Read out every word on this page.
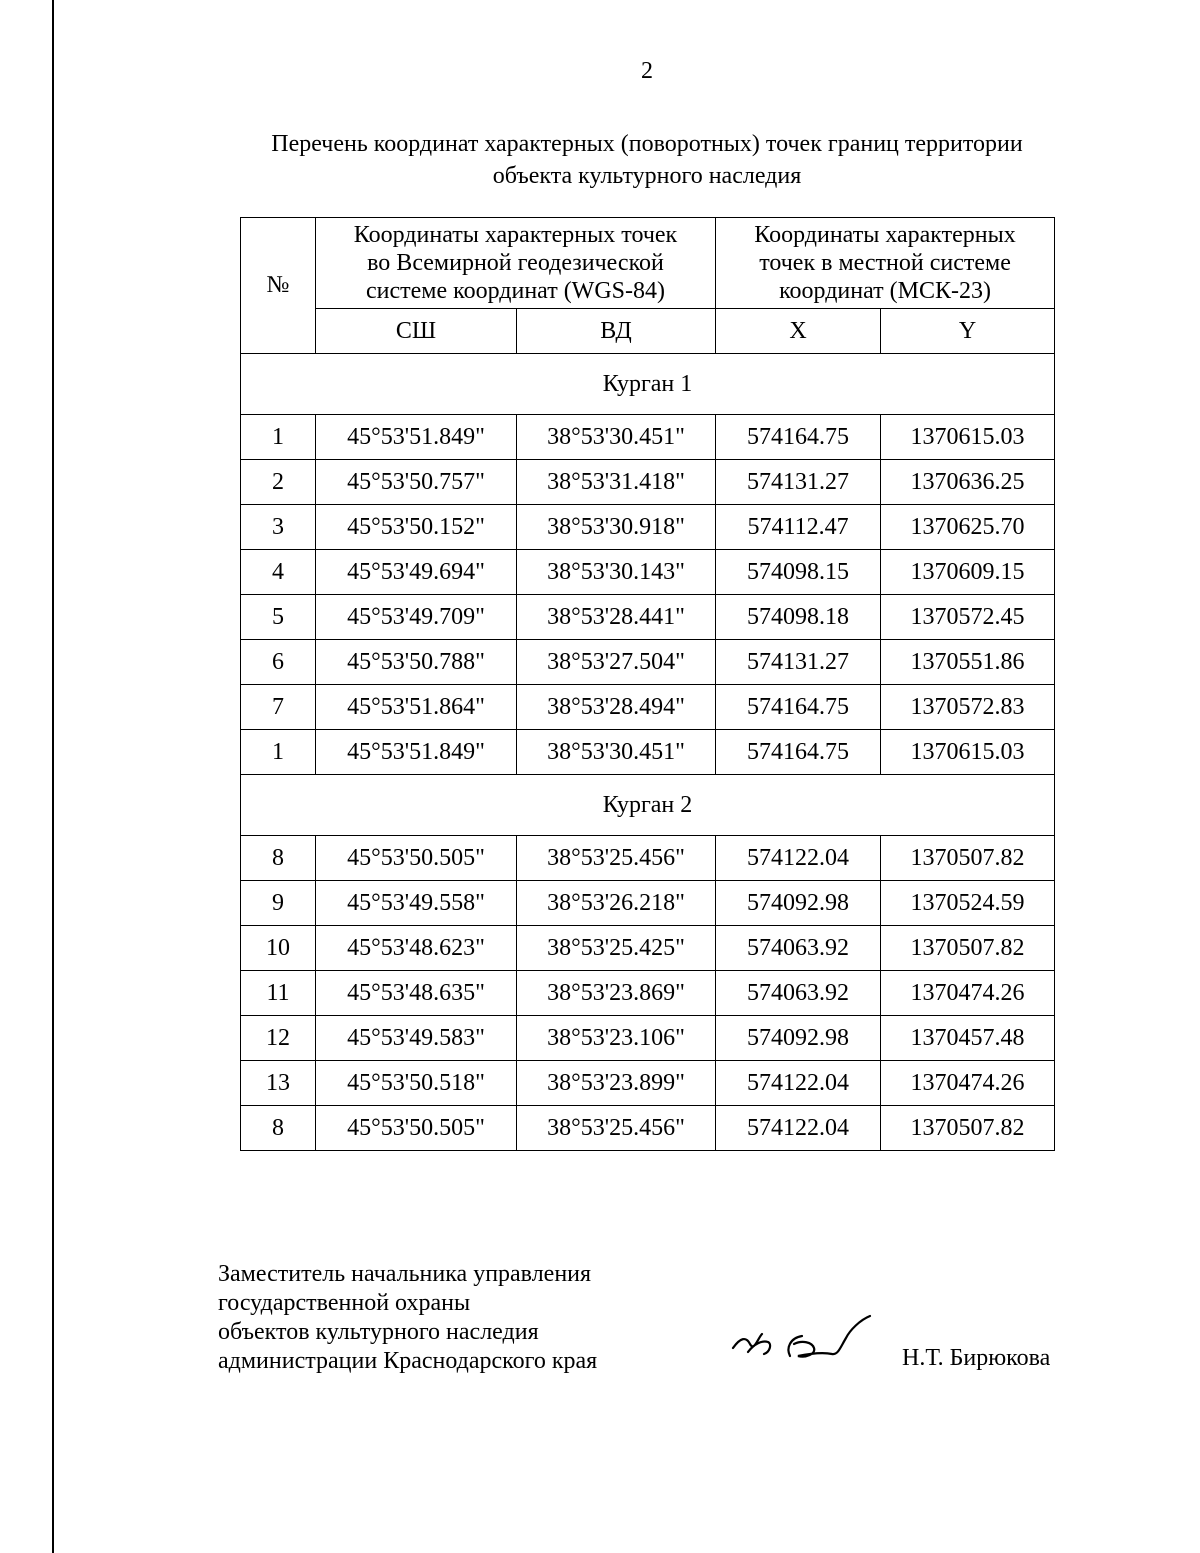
2
Перечень координат характерных (поворотных) точек границ территории
объекта культурного наследия
№	Координаты характерных точек
во Всемирной геодезической
системе координат (WGS-84)		Координаты характерных
точек в местной системе
координат (МСК-23)	

	СШ	ВД	X	Y
Курган 1				
1	45°53'51.849"	38°53'30.451"	574164.75	1370615.03
2	45°53'50.757"	38°53'31.418"	574131.27	1370636.25
3	45°53'50.152"	38°53'30.918"	574112.47	1370625.70
4	45°53'49.694"	38°53'30.143"	574098.15	1370609.15
5	45°53'49.709"	38°53'28.441"	574098.18	1370572.45
6	45°53'50.788"	38°53'27.504"	574131.27	1370551.86
7	45°53'51.864"	38°53'28.494"	574164.75	1370572.83
1	45°53'51.849"	38°53'30.451"	574164.75	1370615.03
Курган 2				
8	45°53'50.505"	38°53'25.456"	574122.04	1370507.82
9	45°53'49.558"	38°53'26.218"	574092.98	1370524.59
10	45°53'48.623"	38°53'25.425"	574063.92	1370507.82
11	45°53'48.635"	38°53'23.869"	574063.92	1370474.26
12	45°53'49.583"	38°53'23.106"	574092.98	1370457.48
13	45°53'50.518"	38°53'23.899"	574122.04	1370474.26
8	45°53'50.505"	38°53'25.456"	574122.04	1370507.82
Заместитель начальника управления
государственной охраны
объектов культурного наследия
администрации Краснодарского края	Н.Т. Бирюкова
